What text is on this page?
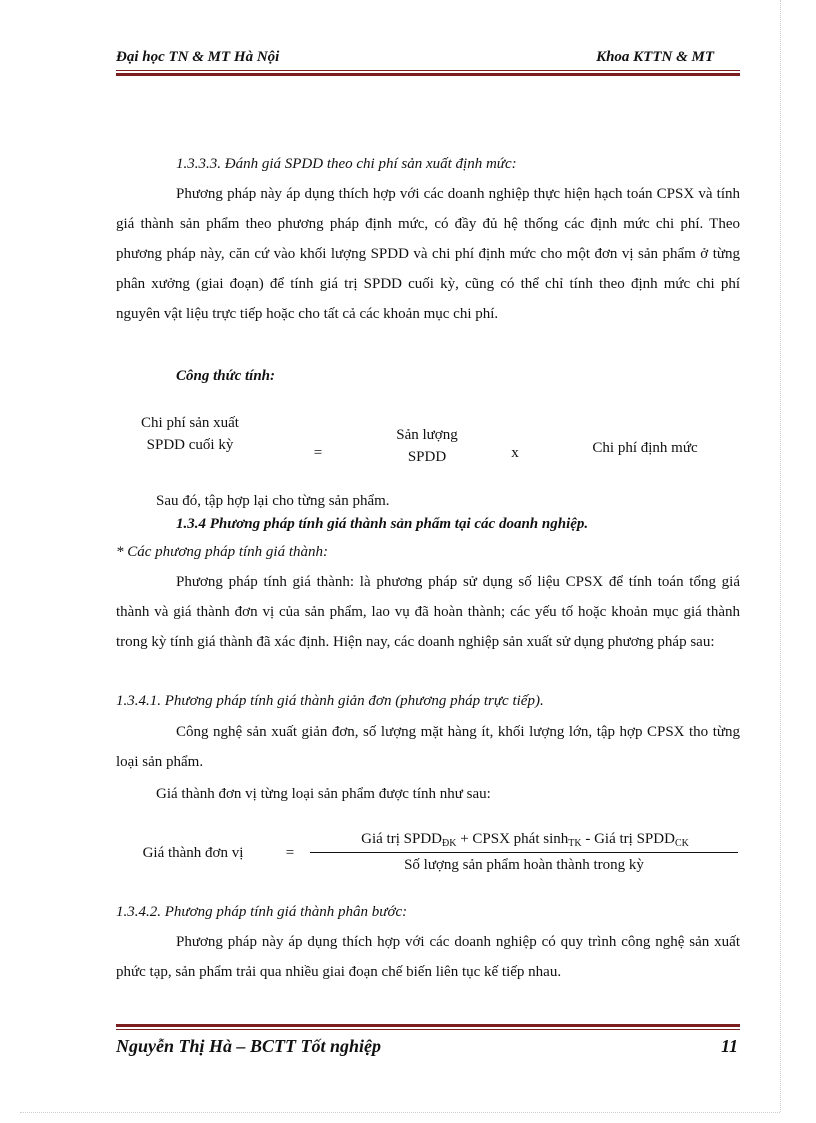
Đại học TN & MT Hà Nội	Khoa KTTN & MT
1.3.3.3. Đánh giá SPDD theo chi phí sản xuất định mức:
Phương pháp này áp dụng thích hợp với các doanh nghiệp thực hiện hạch toán CPSX và tính giá thành sản phẩm theo phương pháp định mức, có đầy đủ hệ thống các định mức chi phí. Theo phương pháp này, căn cứ vào khối lượng SPDD và chi phí định mức cho một đơn vị sản phẩm ở từng phân xưởng (giai đoạn) để tính giá trị SPDD cuối kỳ, cũng có thể chỉ tính theo định mức chi phí nguyên vật liệu trực tiếp hoặc cho tất cả các khoản mục chi phí.
Công thức tính:
Chi phí sản xuất
SPDD cuối kỳ	=
Sản lượng
SPDD	x	Chi phí định mức
Sau đó, tập hợp lại cho từng sản phẩm.
1.3.4 Phương pháp tính giá thành sản phẩm tại các doanh nghiệp.
* Các phương pháp tính giá thành:
Phương pháp tính giá thành: là phương pháp sử dụng số liệu CPSX để tính toán tổng giá thành và giá thành đơn vị của sản phẩm, lao vụ đã hoàn thành; các yếu tố hoặc khoản mục giá thành trong kỳ tính giá thành đã xác định. Hiện nay, các doanh nghiệp sản xuất sử dụng phương pháp sau:
1.3.4.1. Phương pháp tính giá thành giản đơn (phương pháp trực tiếp).
Công nghệ sản xuất giản đơn, số lượng mặt hàng ít, khối lượng lớn, tập hợp CPSX tho từng loại sản phẩm.
Giá thành đơn vị từng loại sản phẩm được tính như sau:
Giá thành đơn vị	=
Giá trị $SPDD_{ĐK}$ + CPSX phát $\sinh_{TK}$ - Giá trị $SPDD_{CK}$
Số lượng sản phẩm hoàn thành trong kỳ
1.3.4.2. Phương pháp tính giá thành phân bước:
Phương pháp này áp dụng thích hợp với các doanh nghiệp có quy trình công nghệ sản xuất phức tạp, sản phẩm trải qua nhiều giai đoạn chế biến liên tục kế tiếp nhau.
Nguyễn Thị Hà – BCTT Tốt nghiệp	11
